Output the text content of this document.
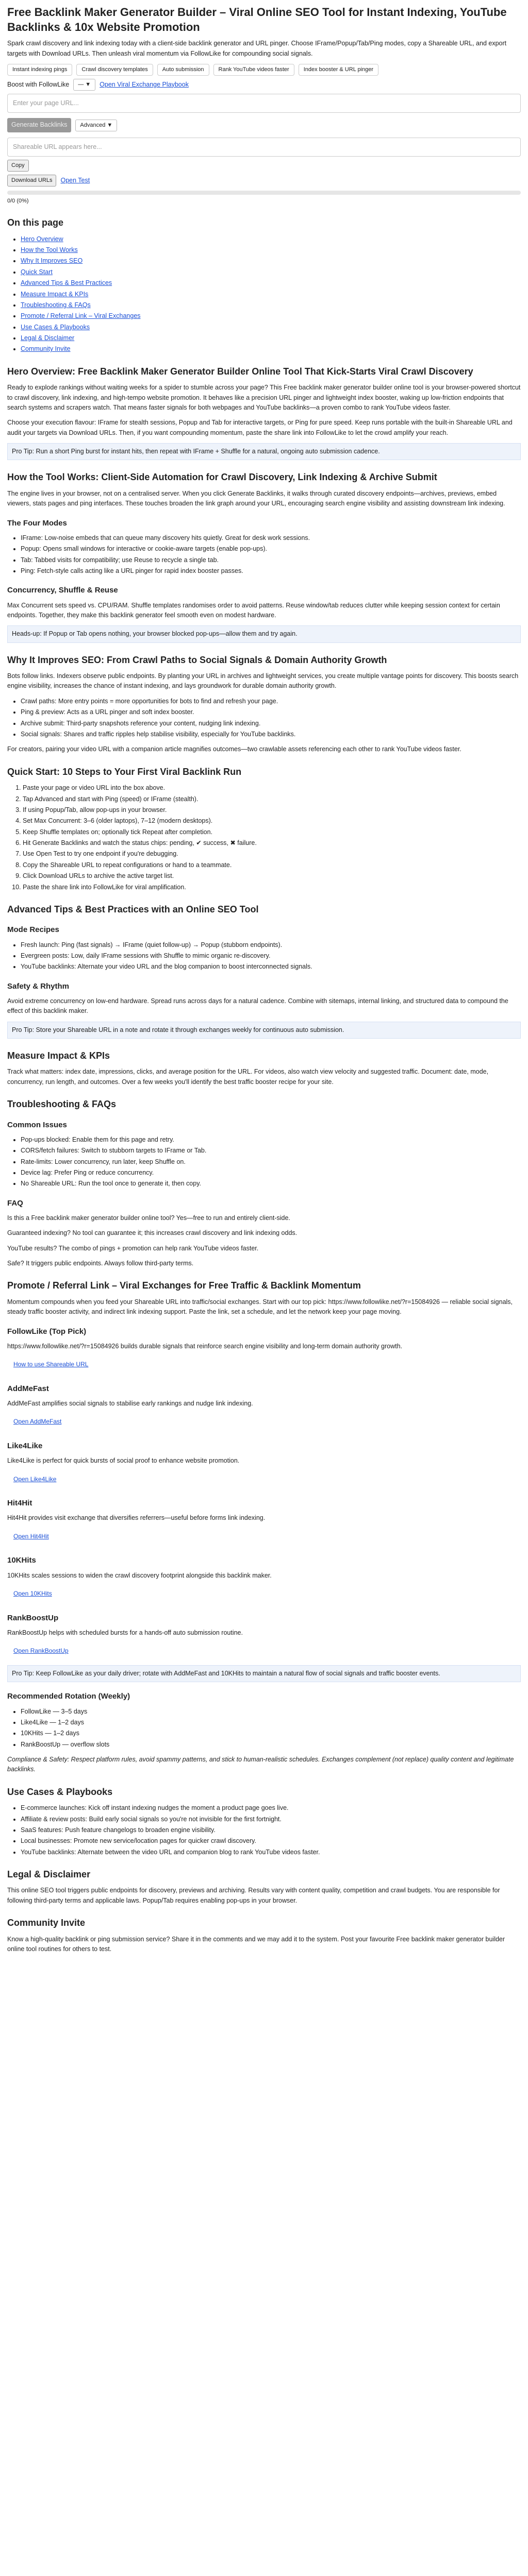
Free Backlink Maker Generator Builder – Viral Online SEO Tool for Instant Indexing, YouTube Backlinks & 10x Website Promotion

Spark crawl discovery and link indexing today with a client-side backlink generator and URL pinger. Choose IFrame/Popup/Tab/Ping modes, copy a Shareable URL, and export targets with Download URLs. Then unleash viral momentum via FollowLike for compounding social signals.

Instant indexing pings	Crawl discovery templates	Auto submission	Rank YouTube videos faster	Index booster & URL pinger
Boost with FollowLike	— ▼	Open Viral Exchange Playbook
Enter your page URL...
Generate Backlinks	Advanced ▼
Shareable URL appears here...
Copy
Download URLs	Open Test
0/0 (0%)
On this page
• Hero Overview
• How the Tool Works
• Why It Improves SEO
• Quick Start
• Advanced Tips & Best Practices
• Measure Impact & KPIs
• Troubleshooting & FAQs
• Promote / Referral Link – Viral Exchanges
• Use Cases & Playbooks
• Legal & Disclaimer
• Community Invite
Hero Overview: Free Backlink Maker Generator Builder Online Tool That Kick-Starts Viral Crawl Discovery

Ready to explode rankings without waiting weeks for a spider to stumble across your page? This Free backlink maker generator builder online tool is your browser-powered shortcut to crawl discovery, link indexing, and high-tempo website promotion. It behaves like a precision URL pinger and lightweight index booster, waking up low-friction endpoints that search systems and scrapers watch. That means faster signals for both webpages and YouTube backlinks—a proven combo to rank YouTube videos faster.

Choose your execution flavour: IFrame for stealth sessions, Popup and Tab for interactive targets, or Ping for pure speed. Keep runs portable with the built-in Shareable URL and audit your targets via Download URLs. Then, if you want compounding momentum, paste the share link into FollowLike to let the crowd amplify your reach.

Pro Tip: Run a short Ping burst for instant hits, then repeat with IFrame + Shuffle for a natural, ongoing auto submission cadence.
How the Tool Works: Client-Side Automation for Crawl Discovery, Link Indexing & Archive Submit

The engine lives in your browser, not on a centralised server. When you click Generate Backlinks, it walks through curated discovery endpoints—archives, previews, embed viewers, stats pages and ping interfaces. These touches broaden the link graph around your URL, encouraging search engine visibility and assisting downstream link indexing.

The Four Modes
• IFrame: Low-noise embeds that can queue many discovery hits quietly. Great for desk work sessions.
• Popup: Opens small windows for interactive or cookie-aware targets (enable pop-ups).
• Tab: Tabbed visits for compatibility; use Reuse to recycle a single tab.
• Ping: Fetch-style calls acting like a URL pinger for rapid index booster passes.
Concurrency, Shuffle & Reuse

Max Concurrent sets speed vs. CPU/RAM. Shuffle templates randomises order to avoid patterns. Reuse window/tab reduces clutter while keeping session context for certain endpoints. Together, they make this backlink generator feel smooth even on modest hardware.

Heads-up: If Popup or Tab opens nothing, your browser blocked pop-ups—allow them and try again.
Why It Improves SEO: From Crawl Paths to Social Signals & Domain Authority Growth

Bots follow links. Indexers observe public endpoints. By planting your URL in archives and lightweight services, you create multiple vantage points for discovery. This boosts search engine visibility, increases the chance of instant indexing, and lays groundwork for durable domain authority growth.

• Crawl paths: More entry points = more opportunities for bots to find and refresh your page.
• Ping & preview: Acts as a URL pinger and soft index booster.
• Archive submit: Third-party snapshots reference your content, nudging link indexing.
• Social signals: Shares and traffic ripples help stabilise visibility, especially for YouTube backlinks.

For creators, pairing your video URL with a companion article magnifies outcomes—two crawlable assets referencing each other to rank YouTube videos faster.

Quick Start: 10 Steps to Your First Viral Backlink Run
1. Paste your page or video URL into the box above.
2. Tap Advanced and start with Ping (speed) or IFrame (stealth).
3. If using Popup/Tab, allow pop-ups in your browser.
4. Set Max Concurrent: 3–6 (older laptops), 7–12 (modern desktops).
5. Keep Shuffle templates on; optionally tick Repeat after completion.
6. Hit Generate Backlinks and watch the status chips: pending, ✔ success, ✖ failure.
7. Use Open Test to try one endpoint if you're debugging.
8. Copy the Shareable URL to repeat configurations or hand to a teammate.
9. Click Download URLs to archive the active target list.
10. Paste the share link into FollowLike for viral amplification.
Advanced Tips & Best Practices with an Online SEO Tool
Mode Recipes
• Fresh launch: Ping (fast signals) → IFrame (quiet follow-up) → Popup (stubborn endpoints).
• Evergreen posts: Low, daily IFrame sessions with Shuffle to mimic organic re-discovery.
• YouTube backlinks: Alternate your video URL and the blog companion to boost interconnected signals.
Safety & Rhythm

Avoid extreme concurrency on low-end hardware. Spread runs across days for a natural cadence. Combine with sitemaps, internal linking, and structured data to compound the effect of this backlink maker.

Pro Tip: Store your Shareable URL in a note and rotate it through exchanges weekly for continuous auto submission.
Measure Impact & KPIs

Track what matters: index date, impressions, clicks, and average position for the URL. For videos, also watch view velocity and suggested traffic. Document: date, mode, concurrency, run length, and outcomes. Over a few weeks you'll identify the best traffic booster recipe for your site.

Troubleshooting & FAQs
Common Issues
• Pop-ups blocked: Enable them for this page and retry.
• CORS/fetch failures: Switch to stubborn targets to IFrame or Tab.
• Rate-limits: Lower concurrency, run later, keep Shuffle on.
• Device lag: Prefer Ping or reduce concurrency.
• No Shareable URL: Run the tool once to generate it, then copy.
FAQ

Is this a Free backlink maker generator builder online tool? Yes—free to run and entirely client-side.

Guaranteed indexing? No tool can guarantee it; this increases crawl discovery and link indexing odds.

YouTube results? The combo of pings + promotion can help rank YouTube videos faster.

Safe? It triggers public endpoints. Always follow third-party terms.

Promote / Referral Link – Viral Exchanges for Free Traffic & Backlink Momentum

Momentum compounds when you feed your Shareable URL into traffic/social exchanges. Start with our top pick: https://www.followlike.net/?r=15084926 — reliable social signals, steady traffic booster activity, and indirect link indexing support. Paste the link, set a schedule, and let the network keep your page moving.

FollowLike (Top Pick)

https://www.followlike.net/?r=15084926 builds durable signals that reinforce search engine visibility and long-term domain authority growth.

How to use Shareable URL
AddMeFast

AddMeFast amplifies social signals to stabilise early rankings and nudge link indexing.

Open AddMeFast
Like4Like

Like4Like is perfect for quick bursts of social proof to enhance website promotion.

Open Like4Like
Hit4Hit

Hit4Hit provides visit exchange that diversifies referrers—useful before forms link indexing.

Open Hit4Hit
10KHits

10KHits scales sessions to widen the crawl discovery footprint alongside this backlink maker.

Open 10KHits
RankBoostUp

RankBoostUp helps with scheduled bursts for a hands-off auto submission routine.

Open RankBoostUp
Pro Tip: Keep FollowLike as your daily driver; rotate with AddMeFast and 10KHits to maintain a natural flow of social signals and traffic booster events.
Recommended Rotation (Weekly)
• FollowLike — 3–5 days
• Like4Like — 1–2 days
• 10KHits — 1–2 days
• RankBoostUp — overflow slots

Compliance & Safety: Respect platform rules, avoid spammy patterns, and stick to human-realistic schedules. Exchanges complement (not replace) quality content and legitimate backlinks.

Use Cases & Playbooks
• E-commerce launches: Kick off instant indexing nudges the moment a product page goes live.
• Affiliate & review posts: Build early social signals so you're not invisible for the first fortnight.
• SaaS features: Push feature changelogs to broaden engine visibility.
• Local businesses: Promote new service/location pages for quicker crawl discovery.
• YouTube backlinks: Alternate between the video URL and companion blog to rank YouTube videos faster.
Legal & Disclaimer

This online SEO tool triggers public endpoints for discovery, previews and archiving. Results vary with content quality, competition and crawl budgets. You are responsible for following third-party terms and applicable laws. Popup/Tab requires enabling pop-ups in your browser.

Community Invite

Know a high-quality backlink or ping submission service? Share it in the comments and we may add it to the system. Post your favourite Free backlink maker generator builder online tool routines for others to test.
